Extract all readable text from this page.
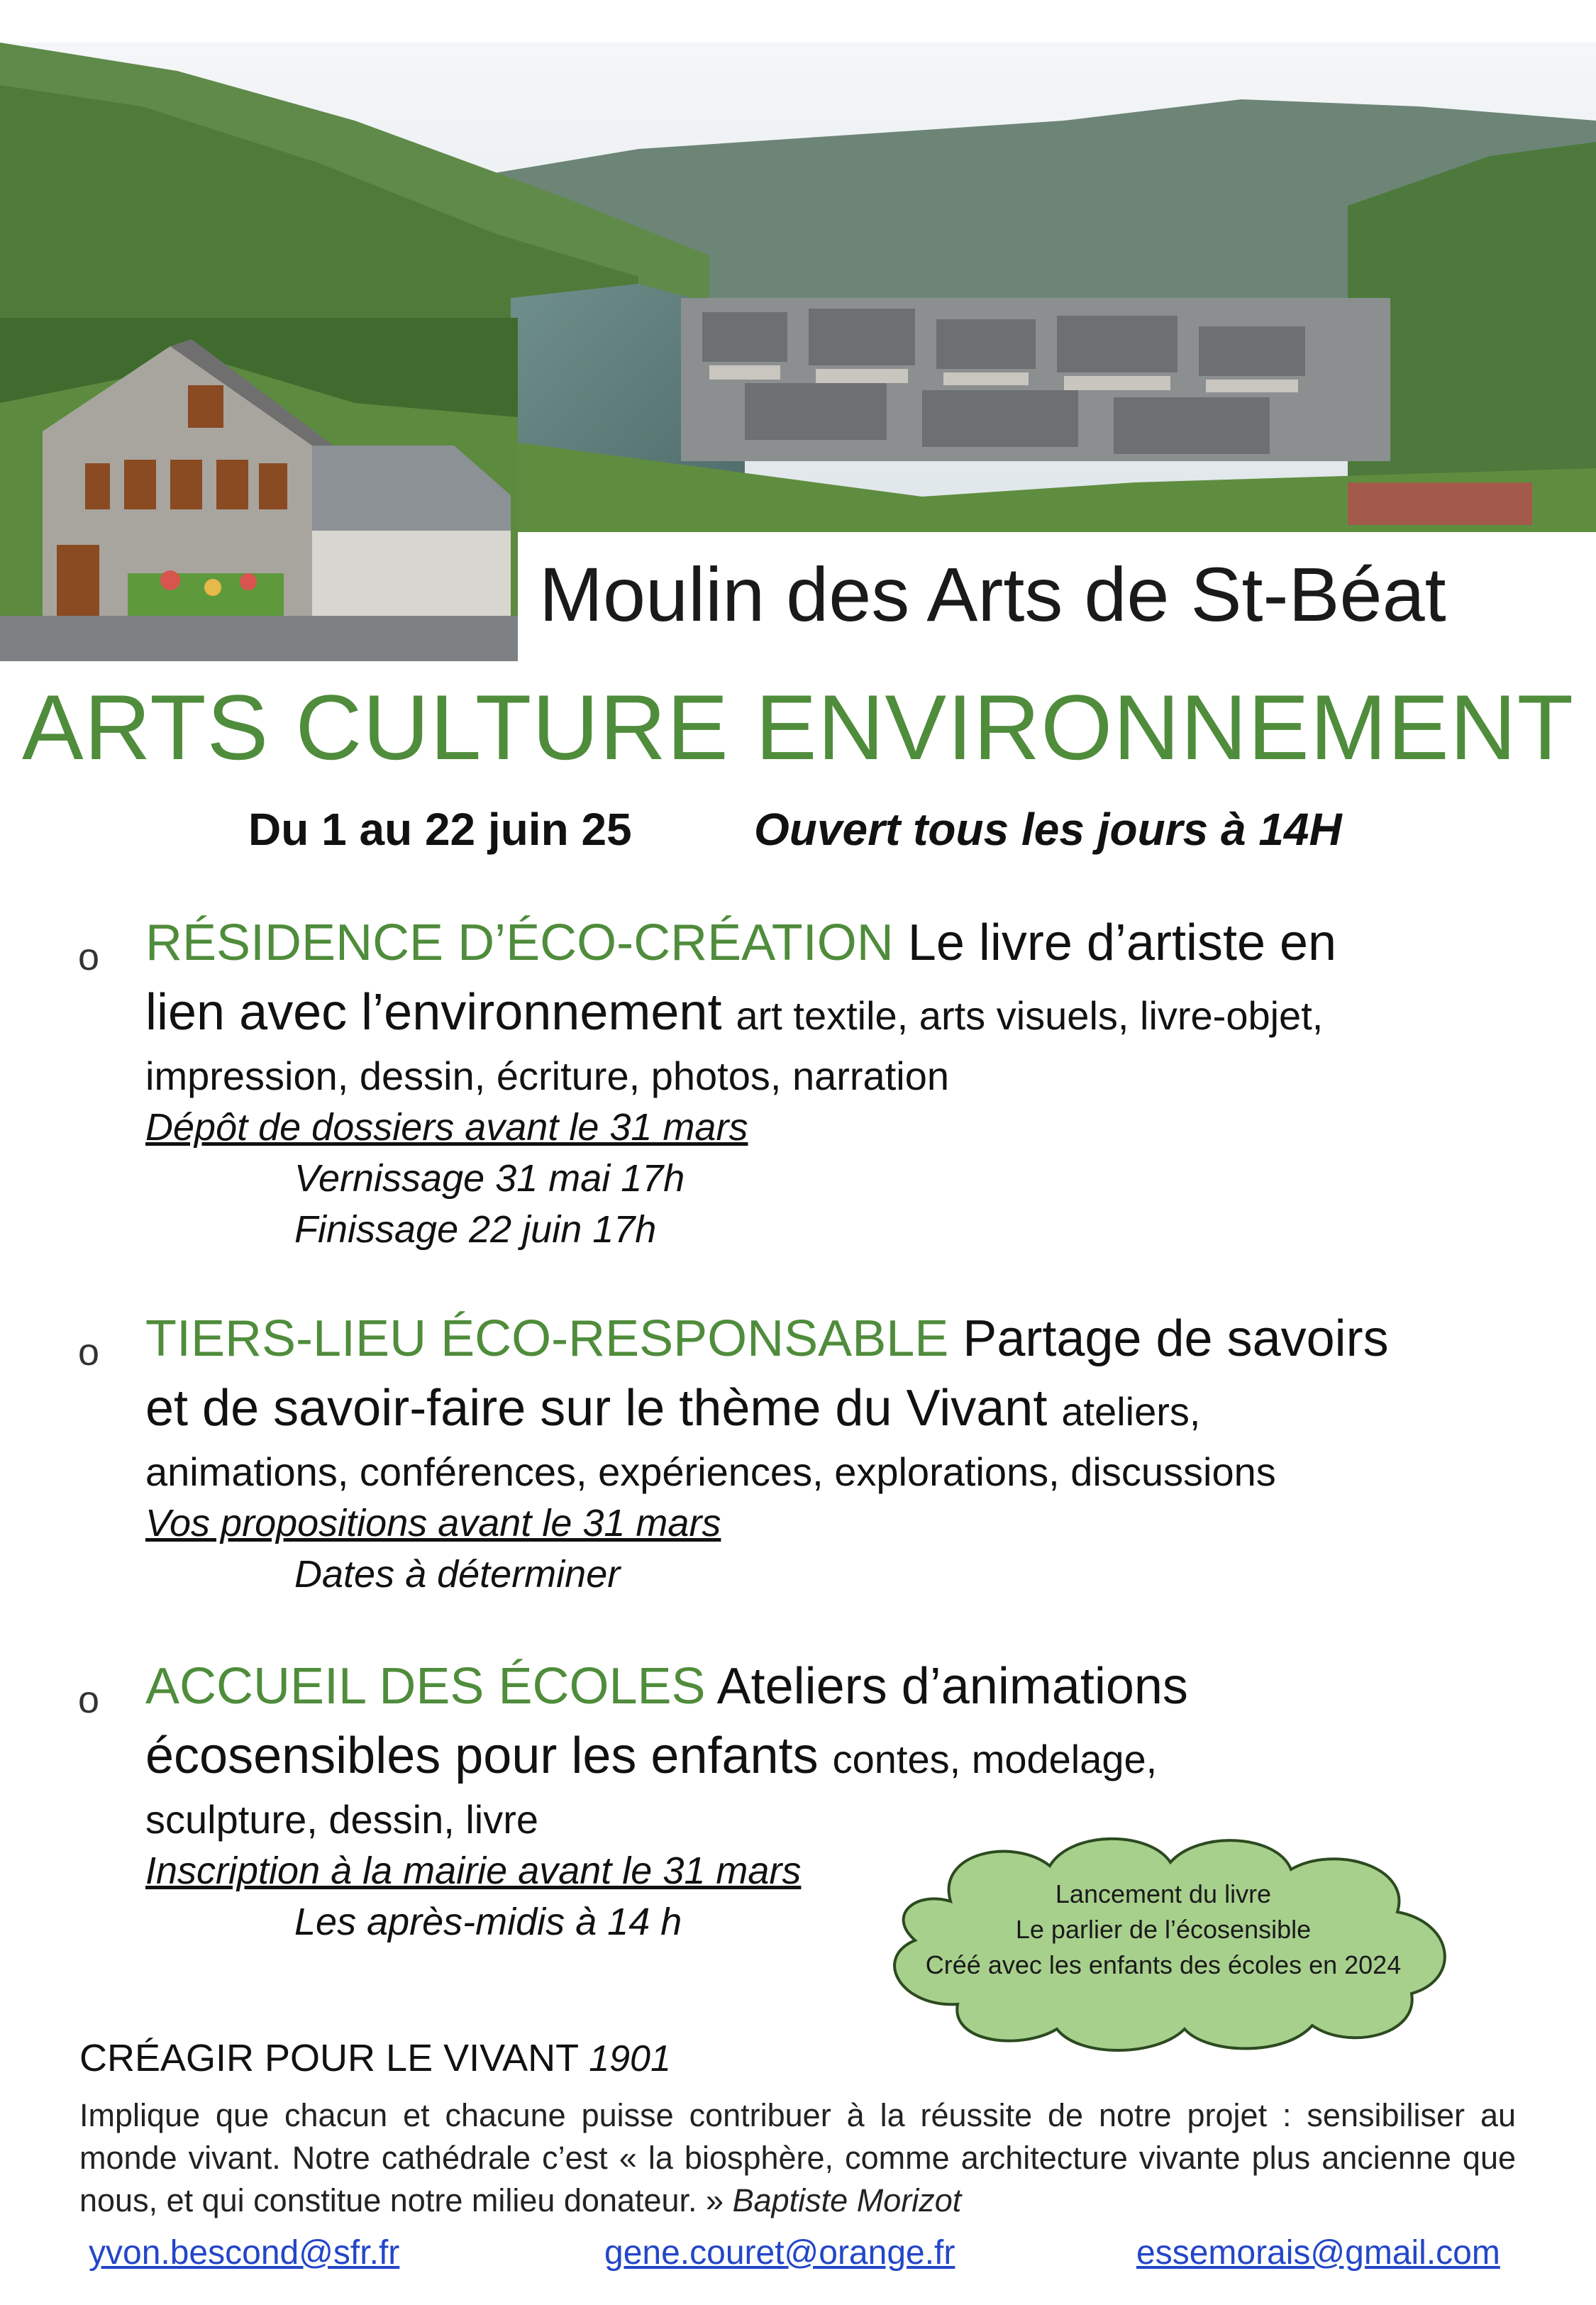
Moulin des Arts de St-Béat
ARTS CULTURE ENVIRONNEMENT
Du 1 au 22 juin 25	Ouvert tous les jours à 14H
o RÉSIDENCE D’ÉCO-CRÉATION Le livre d’artiste en
lien avec l’environnement art textile, arts visuels, livre-objet,
impression, dessin, écriture, photos, narration
Dépôt de dossiers avant le 31 mars
Vernissage 31 mai 17h
Finissage 22 juin 17h
o TIERS-LIEU ÉCO-RESPONSABLE Partage de savoirs
et de savoir-faire sur le thème du Vivant ateliers,
animations, conférences, expériences, explorations, discussions
Vos propositions avant le 31 mars
Dates à déterminer
o ACCUEIL DES ÉCOLES Ateliers d’animations
écosensibles pour les enfants contes, modelage,
sculpture, dessin, livre
Inscription à la mairie avant le 31 mars
Les après-midis à 14 h
Lancement du livre
Le parlier de l’écosensible
Créé avec les enfants des écoles en 2024
CRÉAGIR POUR LE VIVANT 1901
Implique que chacun et chacune puisse contribuer à la réussite de notre projet : sensibiliser au monde vivant. Notre cathédrale c’est « la biosphère, comme architecture vivante plus ancienne que nous, et qui constitue notre milieu donateur. » Baptiste Morizot
yvon.bescond@sfr.fr	gene.couret@orange.fr	essemorais@gmail.com
